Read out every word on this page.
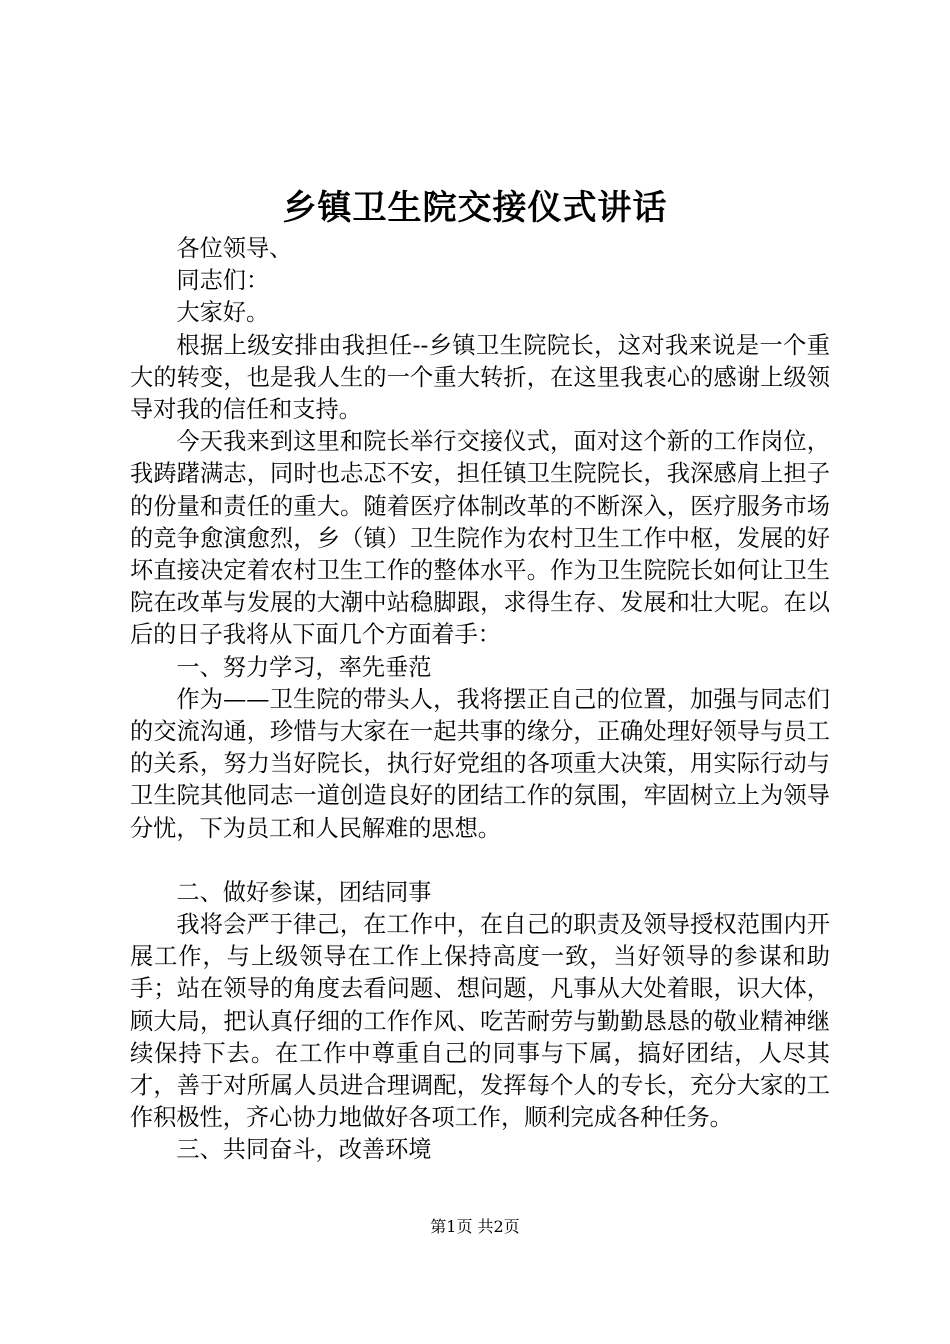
乡镇卫生院交接仪式讲话

各位领导、

同志们：

大家好。

根据上级安排由我担任--乡镇卫生院院长，这对我来说是一个重大的转变，也是我人生的一个重大转折，在这里我衷心的感谢上级领导对我的信任和支持。

今天我来到这里和院长举行交接仪式，面对这个新的工作岗位，我踌躇满志，同时也忐忑不安，担任镇卫生院院长，我深感肩上担子的份量和责任的重大。随着医疗体制改革的不断深入，医疗服务市场的竞争愈演愈烈，乡（镇）卫生院作为农村卫生工作中枢，发展的好坏直接决定着农村卫生工作的整体水平。作为卫生院院长如何让卫生院在改革与发展的大潮中站稳脚跟，求得生存、发展和壮大呢。在以后的日子我将从下面几个方面着手：

一、努力学习，率先垂范

作为——卫生院的带头人，我将摆正自己的位置，加强与同志们的交流沟通，珍惜与大家在一起共事的缘分，正确处理好领导与员工的关系，努力当好院长，执行好党组的各项重大决策，用实际行动与卫生院其他同志一道创造良好的团结工作的氛围，牢固树立上为领导分忧，下为员工和人民解难的思想。

二、做好参谋，团结同事

我将会严于律己，在工作中，在自己的职责及领导授权范围内开展工作，与上级领导在工作上保持高度一致，当好领导的参谋和助手；站在领导的角度去看问题、想问题，凡事从大处着眼，识大体，顾大局，把认真仔细的工作作风、吃苦耐劳与勤勤恳恳的敬业精神继续保持下去。在工作中尊重自己的同事与下属，搞好团结，人尽其才，善于对所属人员进合理调配，发挥每个人的专长，充分大家的工作积极性，齐心协力地做好各项工作，顺利完成各种任务。

三、共同奋斗，改善环境

第1页 共2页
